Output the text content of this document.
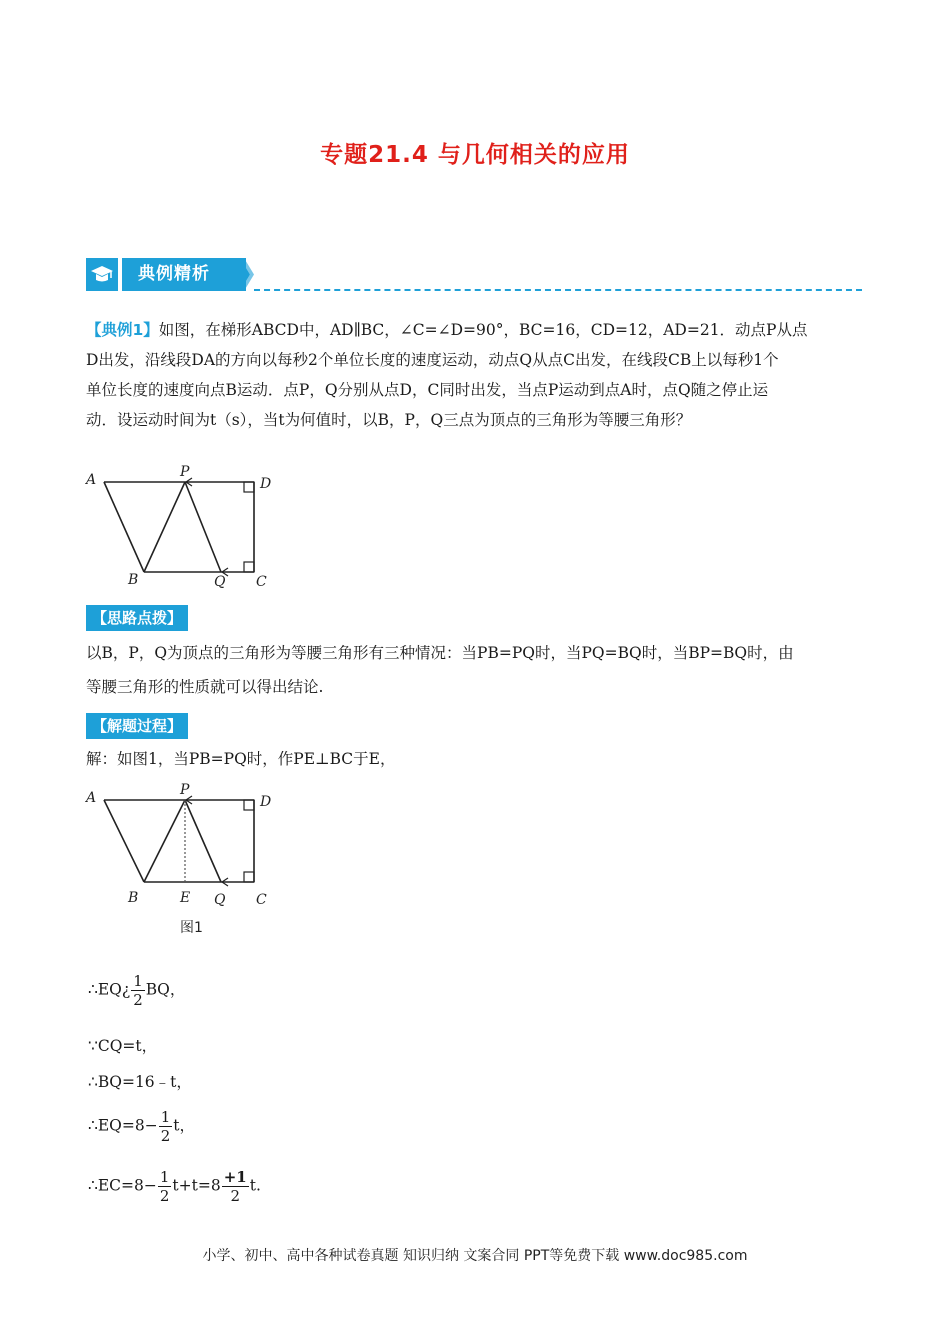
专题21.4 与几何相关的应用
典例精析
【典例1】如图，在梯形ABCD中，AD∥BC，∠C=∠D=90°，BC=16，CD=12，AD=21．动点P从点
D出发，沿线段DA的方向以每秒2个单位长度的速度运动，动点Q从点C出发，在线段CB上以每秒1个
单位长度的速度向点B运动．点P，Q分别从点D，C同时出发，当点P运动到点A时，点Q随之停止运
动．设运动时间为t（s），当t为何值时，以B，P，Q三点为顶点的三角形为等腰三角形？
A	P
D
B	Q C
【思路点拨】
以B，P，Q为顶点的三角形为等腰三角形有三种情况：当PB=PQ时，当PQ=BQ时，当BP=BQ时，由
等腰三角形的性质就可以得出结论.
【解题过程】
解：如图1，当PB=PQ时，作PE⊥BC于E，
A	P
D
B	E Q C
图1
∴EQ¿ $\frac{1}{2}$ BQ，
∵CQ=t，
∴BQ=16﹣t，
∴EQ=8− $\frac{1}{2}$ t，
∴EC=8− $\frac{1}{2} t+t=8 \frac{+1}{2} t$.
小学、初中、高中各种试卷真题 知识归纳 文案合同 PPT等免费下载 www.doc985.com
